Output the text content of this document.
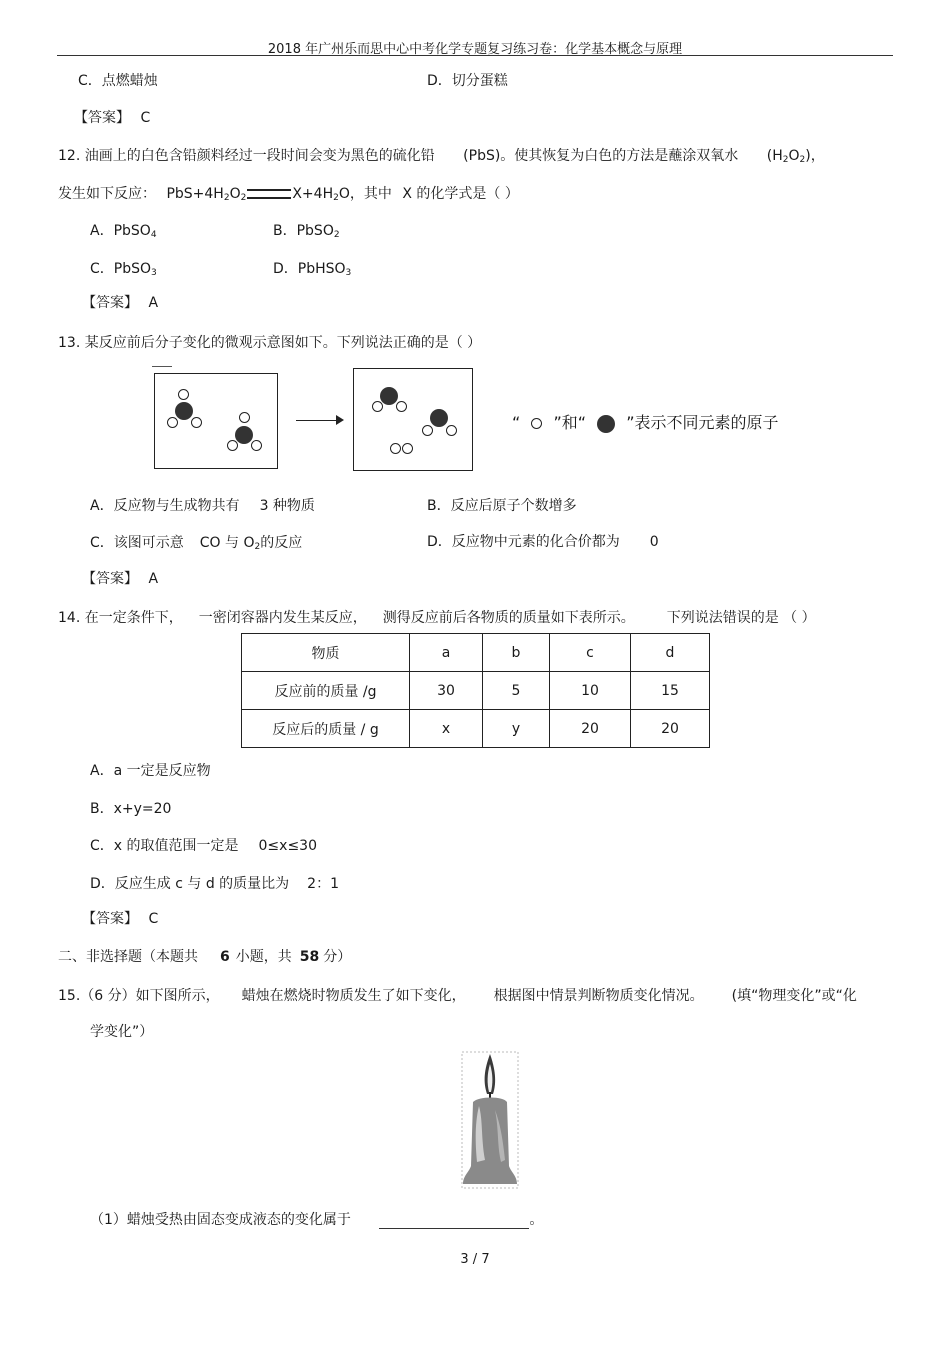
2018 年广州乐而思中心中考化学专题复习练习卷：化学基本概念与原理
C．点燃蜡烛	D．切分蛋糕
【答案】 C
12. 油画上的白色含铅颜料经过一段时间会变为黑色的硫化铅 (PbS)。使其恢复为白色的方法是蘸涂双氧水 $(H_2O_2)$，
发生如下反应： $PbS+4H_2O_2$	$X+4H_2O$，其中 X 的化学式是（ ）
A．PbSO$_4$	B．PbSO$_2$
C．PbSO$_3$	D．PbHSO$_3$
【答案】 A
13. 某反应前后分子变化的微观示意图如下。下列说法正确的是（ ）
“ ”和“	”表示不同元素的原子
A．反应物与生成物共有 3 种物质	B．反应后原子个数增多
C．该图可示意 CO 与 $O_2$的反应	D．反应物中元素的化合价都为 0
【答案】 A
14. 在一定条件下， 一密闭容器内发生某反应， 测得反应前后各物质的质量如下表所示。 下列说法错误的是 （ ）
物质	a	b	c	d
反应前的质量 /g	30	5	10	15
反应后的质量 / g	x	y	20	20
A．a 一定是反应物
B．x+y=20
C．x 的取值范围一定是 0≤x≤30
D．反应生成 c 与 d 的质量比为 2：1
【答案】 C
二、非选择题（本题共 6 小题，共 58 分）
15.（6 分）如下图所示， 蜡烛在燃烧时物质发生了如下变化， 根据图中情景判断物质变化情况。 (填“物理变化”或“化
学变化”）
（1）蜡烛受热由固态变成液态的变化属于	。
3 / 7
